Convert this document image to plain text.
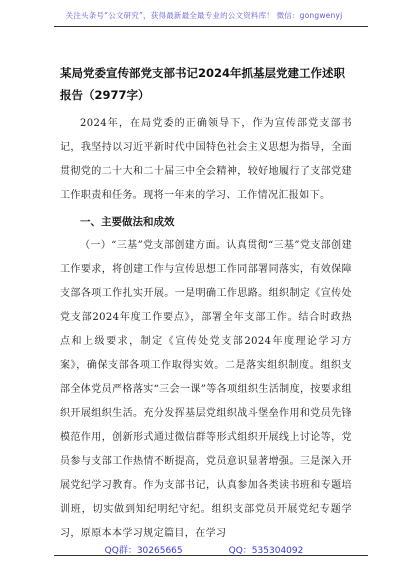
关注头条号“公文研究”，获得最新最全最专业的公文资料库！ 微信：gongwenyj

某局党委宣传部党支部书记2024年抓基层党建工作述职报告（2977字）

2024年，在局党委的正确领导下，作为宣传部党支部书记，我坚持以习近平新时代中国特色社会主义思想为指导，全面贯彻党的二十大和二十届三中全会精神，较好地履行了支部党建工作职责和任务。现将一年来的学习、工作情况汇报如下。

一、主要做法和成效

（一）“三基”党支部创建方面。认真贯彻“三基”党支部创建工作要求，将创建工作与宣传思想工作同部署同落实，有效保障支部各项工作扎实开展。一是明确工作思路。组织制定《宣传处党支部2024年度工作要点》，部署全年支部工作。结合时政热点和上级要求，制定《宣传处党支部2024年度理论学习方案》，确保支部各项工作取得实效。二是落实组织制度。组织支部全体党员严格落实“三会一课”等各项组织生活制度，按要求组织开展组织生活。充分发挥基层党组织战斗堡垒作用和党员先锋模范作用，创新形式通过微信群等形式组织开展线上讨论等，党员参与支部工作热情不断提高，党员意识显著增强。三是深入开展党纪学习教育。作为支部书记，认真参加各类读书班和专题培训班，切实做到知纪明纪守纪。组织支部党员开展党纪专题学习，原原本本学习规定篇目，在学习

QQ群：30265665	QQ：535304092
